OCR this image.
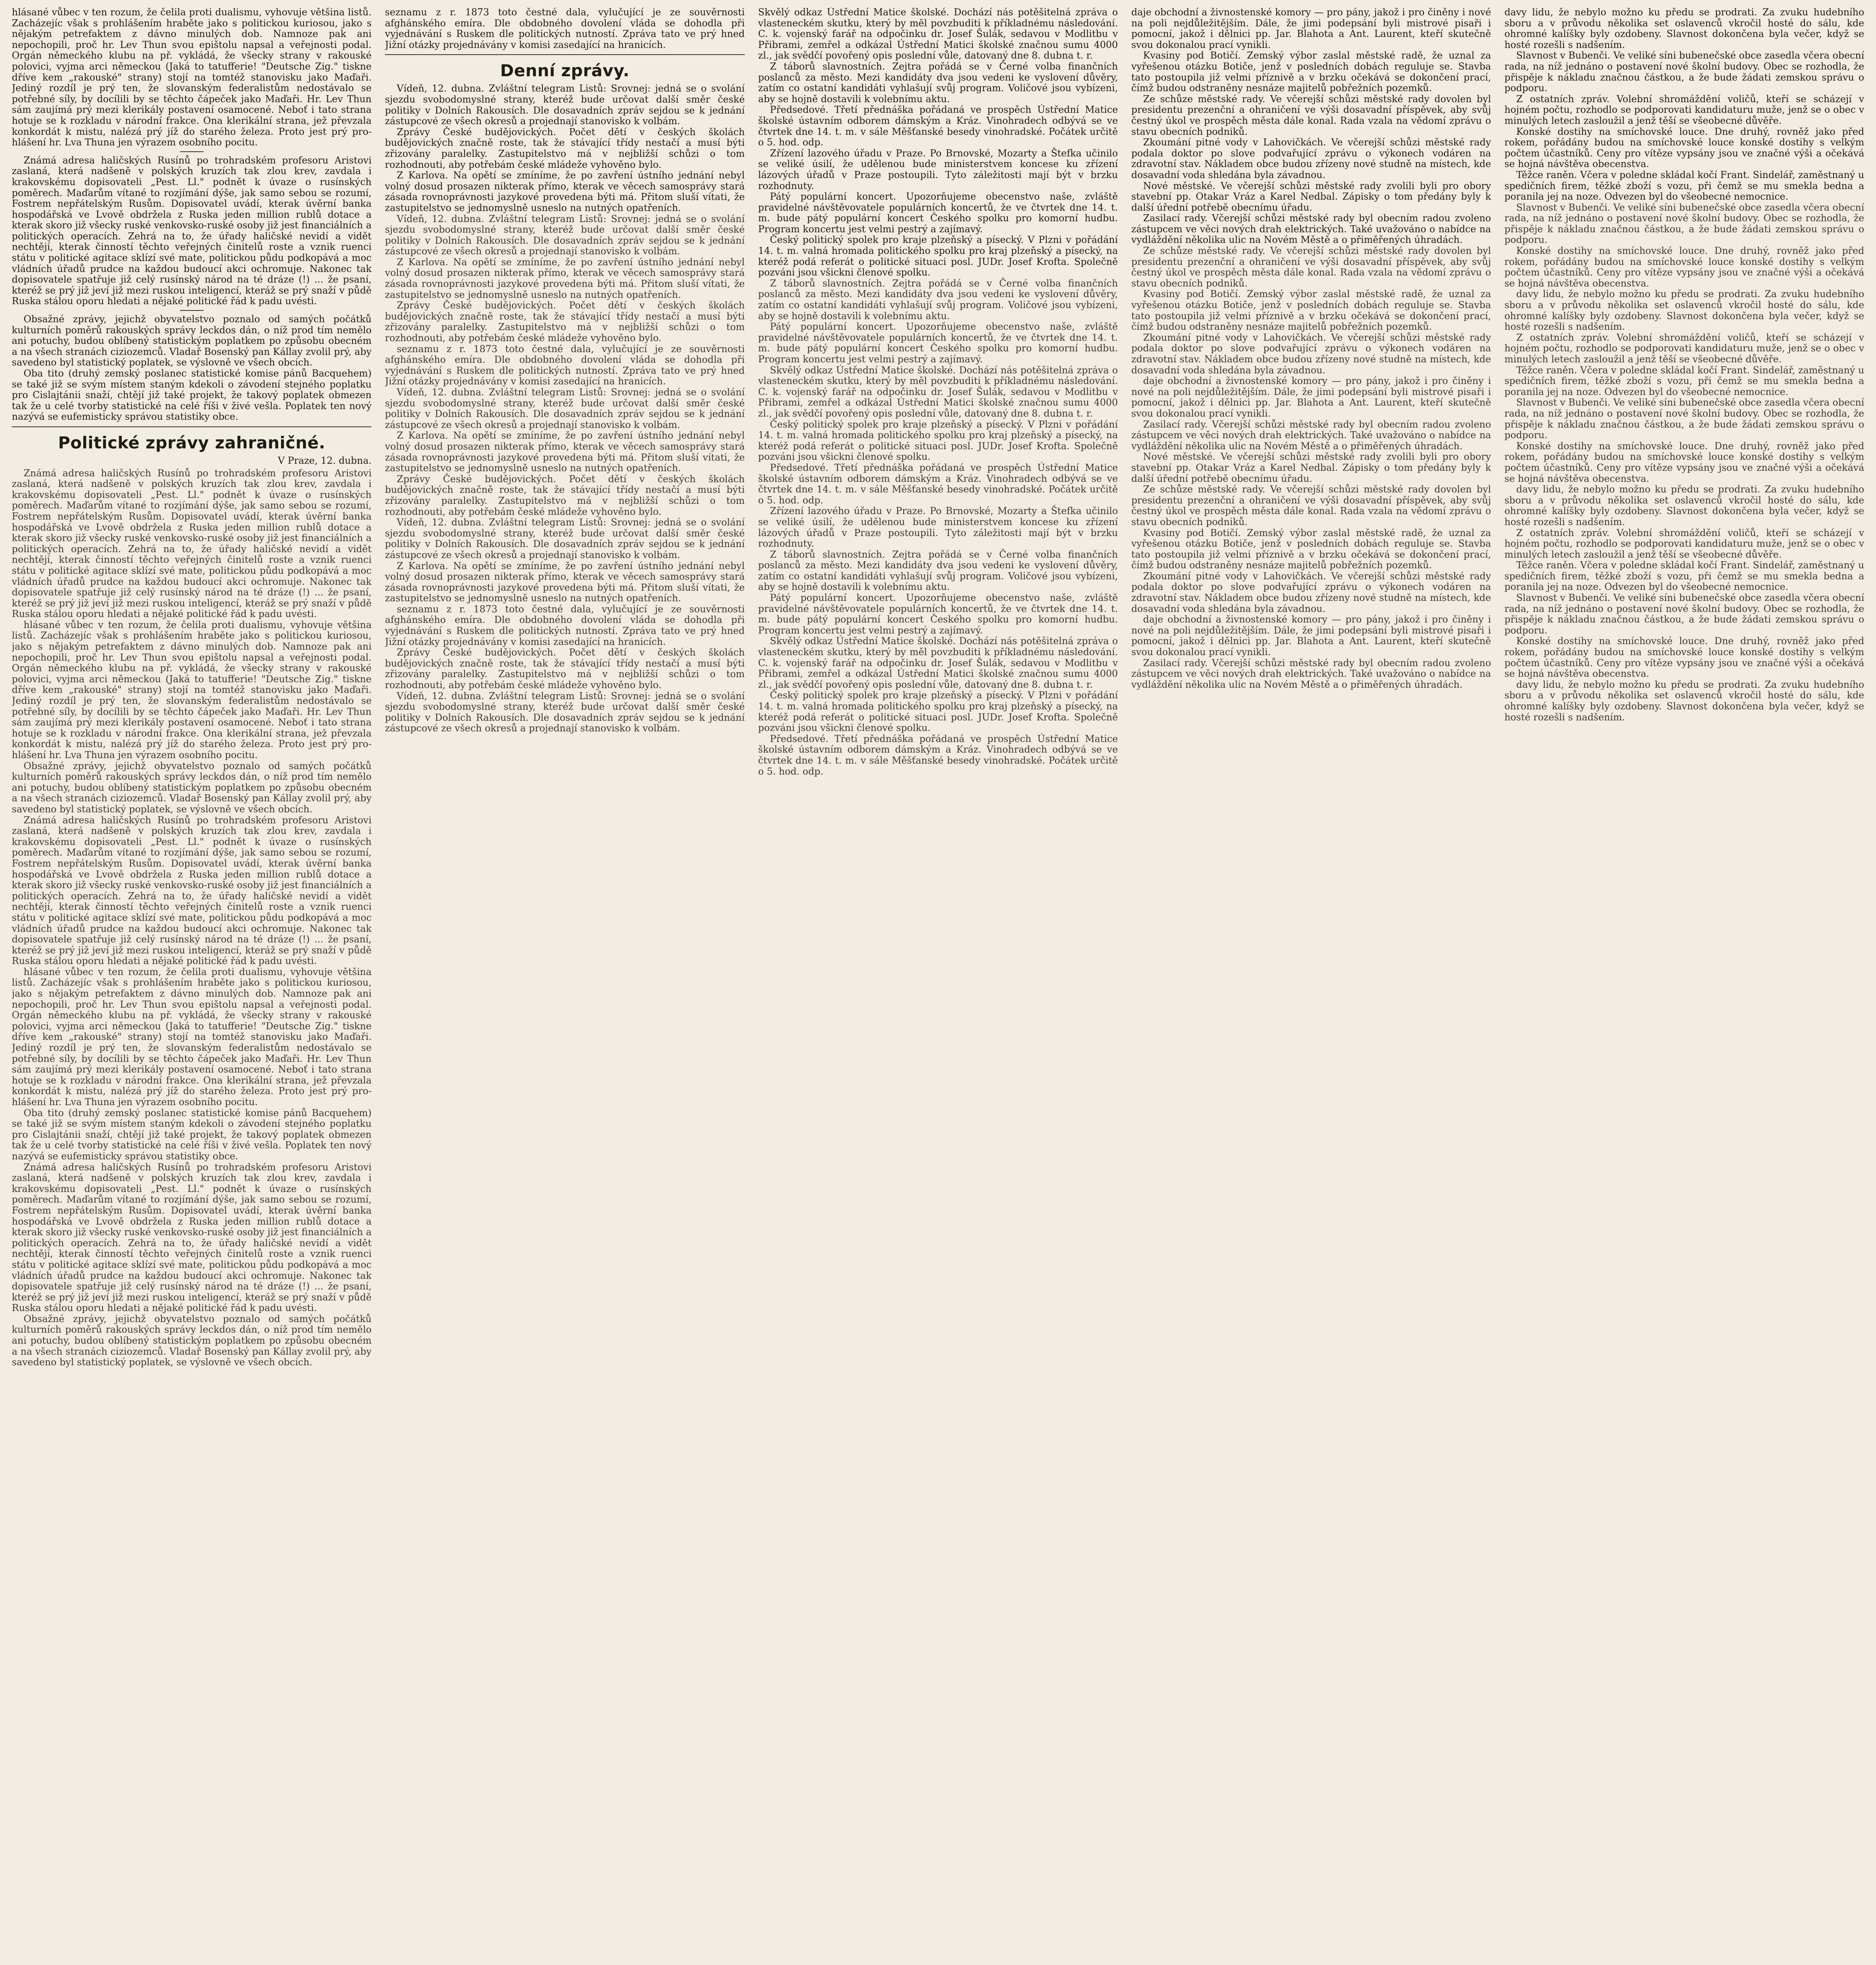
hlásané vůbec v ten rozum, že čelila proti dualismu, vyhovuje většina listů. Zacházejíc však s prohlášením hraběte jako s politickou kuriosou, jako s nějakým petrefaktem z dávno minulých dob. Namnoze pak ani nepochopili, proč hr. Lev Thun svou epištolu napsal a veřejnosti podal. Orgán německého klubu na př. vykládá, že všecky strany v rakouské polovici, vyjma arci německou (Jaká to tatufferie! "Deutsche Zig." tiskne dříve kem „rakouské" strany) stojí na tomtéž stanovisku jako Maďaři. Jediný rozdíl je prý ten, že slovanským federalistům nedostávalo se potřebné síly, by docílili by se těchto čápeček jako Maďaři. Hr. Lev Thun sám zaujímá prý mezi klerikály postavení osamocené. Neboť i tato strana hotuje se k rozkladu v národní frakce. Ona klerikální strana, jež převzala konkordát k mistu, nalézá prý jíž do starého železa. Proto jest prý prohlášení hr. Lva Thuna jen výrazem osobního pocitu.

Známá adresa haličských Rusínů po trohradském profesoru Aristovi zaslaná, která nadšeně v polských kruzích tak zlou krev, zavdala i krakovskému dopisovateli „Pest. Ll." podnět k úvaze o rusínských poměrech. Maďarům vítané to rozjímání dýše, jak samo sebou se rozumí, Fostrem nepřátelským Rusům. Dopisovatel uvádí, kterak úvěrní banka hospodářská ve Lvově obdržela z Ruska jeden million rublů dotace a kterak skoro již všecky ruské venkovsko-ruské osoby již jest financiálních a politických operacích. Zehrá na to, že úřady haličské nevidí a vidět nechtějí, kterak činností těchto veřejných činitelů roste a vznik ruenci státu v politické agitace sklízí své mate, politickou půdu podkopává a moc vládních úřadů prudce na každou budoucí akci ochromuje. Nakonec tak dopisovatele spatřuje již celý rusínský národ na té dráze (!) ... že psaní, kteréž se prý již jeví již mezi ruskou inteligencí, kteráž se prý snaží v půdě Ruska stálou oporu hledati a nějaké politické řád k padu uvésti.

Obsažné zprávy, jejichž obyvatelstvo poznalo od samých počátků kulturních poměrů rakouských správy leckdos dán, o níž prod tím nemělo ani potuchy, budou oblíbený statistickým poplatkem po způsobu obecném a na všech stranách ciziozemců. Vladař Bosenský pan Kállay zvolil prý, aby savedeno byl statistický poplatek, se výslovně ve všech obcích.

Oba tito (druhý zemský poslanec statistické komise pánů Bacquehem) se také již se svým místem staným kdekoli o závodení stejného poplatku pro Cislajtánii snaží, chtějí již také projekt, že takový poplatek obmezen tak že u celé tvorby statistické na celé říši v živé vešla. Poplatek ten nový nazývá se eufemisticky správou statistiky obce.

Politické zprávy zahraničné.
V Praze, 12. dubna.

Známá adresa haličských Rusínů po trohradském profesoru Aristovi zaslaná, která nadšeně v polských kruzích tak zlou krev, zavdala i krakovskému dopisovateli „Pest. Ll." podnět k úvaze o rusínských poměrech. Maďarům vítané to rozjímání dýše, jak samo sebou se rozumí, Fostrem nepřátelským Rusům. Dopisovatel uvádí, kterak úvěrní banka hospodářská ve Lvově obdržela z Ruska jeden million rublů dotace a kterak skoro již všecky ruské venkovsko-ruské osoby již jest financiálních a politických operacích. Zehrá na to, že úřady haličské nevidí a vidět nechtějí, kterak činností těchto veřejných činitelů roste a vznik ruenci státu v politické agitace sklízí své mate, politickou půdu podkopává a moc vládních úřadů prudce na každou budoucí akci ochromuje. Nakonec tak dopisovatele spatřuje již celý rusínský národ na té dráze (!) ... že psaní, kteréž se prý již jeví již mezi ruskou inteligencí, kteráž se prý snaží v půdě Ruska stálou oporu hledati a nějaké politické řád k padu uvésti.

hlásané vůbec v ten rozum, že čelila proti dualismu, vyhovuje většina listů. Zacházejíc však s prohlášením hraběte jako s politickou kuriosou, jako s nějakým petrefaktem z dávno minulých dob. Namnoze pak ani nepochopili, proč hr. Lev Thun svou epištolu napsal a veřejnosti podal. Orgán německého klubu na př. vykládá, že všecky strany v rakouské polovici, vyjma arci německou (Jaká to tatufferie! "Deutsche Zig." tiskne dříve kem „rakouské" strany) stojí na tomtéž stanovisku jako Maďaři. Jediný rozdíl je prý ten, že slovanským federalistům nedostávalo se potřebné síly, by docílili by se těchto čápeček jako Maďaři. Hr. Lev Thun sám zaujímá prý mezi klerikály postavení osamocené. Neboť i tato strana hotuje se k rozkladu v národní frakce. Ona klerikální strana, jež převzala konkordát k mistu, nalézá prý jíž do starého železa. Proto jest prý prohlášení hr. Lva Thuna jen výrazem osobního pocitu.

Obsažné zprávy, jejichž obyvatelstvo poznalo od samých počátků kulturních poměrů rakouských správy leckdos dán, o níž prod tím nemělo ani potuchy, budou oblíbený statistickým poplatkem po způsobu obecném a na všech stranách ciziozemců. Vladař Bosenský pan Kállay zvolil prý, aby savedeno byl statistický poplatek, se výslovně ve všech obcích.

Známá adresa haličských Rusínů po trohradském profesoru Aristovi zaslaná, která nadšeně v polských kruzích tak zlou krev, zavdala i krakovskému dopisovateli „Pest. Ll." podnět k úvaze o rusínských poměrech. Maďarům vítané to rozjímání dýše, jak samo sebou se rozumí, Fostrem nepřátelským Rusům. Dopisovatel uvádí, kterak úvěrní banka hospodářská ve Lvově obdržela z Ruska jeden million rublů dotace a kterak skoro již všecky ruské venkovsko-ruské osoby již jest financiálních a politických operacích. Zehrá na to, že úřady haličské nevidí a vidět nechtějí, kterak činností těchto veřejných činitelů roste a vznik ruenci státu v politické agitace sklízí své mate, politickou půdu podkopává a moc vládních úřadů prudce na každou budoucí akci ochromuje. Nakonec tak dopisovatele spatřuje již celý rusínský národ na té dráze (!) ... že psaní, kteréž se prý již jeví již mezi ruskou inteligencí, kteráž se prý snaží v půdě Ruska stálou oporu hledati a nějaké politické řád k padu uvésti.

hlásané vůbec v ten rozum, že čelila proti dualismu, vyhovuje většina listů. Zacházejíc však s prohlášením hraběte jako s politickou kuriosou, jako s nějakým petrefaktem z dávno minulých dob. Namnoze pak ani nepochopili, proč hr. Lev Thun svou epištolu napsal a veřejnosti podal. Orgán německého klubu na př. vykládá, že všecky strany v rakouské polovici, vyjma arci německou (Jaká to tatufferie! "Deutsche Zig." tiskne dříve kem „rakouské" strany) stojí na tomtéž stanovisku jako Maďaři. Jediný rozdíl je prý ten, že slovanským federalistům nedostávalo se potřebné síly, by docílili by se těchto čápeček jako Maďaři. Hr. Lev Thun sám zaujímá prý mezi klerikály postavení osamocené. Neboť i tato strana hotuje se k rozkladu v národní frakce. Ona klerikální strana, jež převzala konkordát k mistu, nalézá prý jíž do starého železa. Proto jest prý prohlášení hr. Lva Thuna jen výrazem osobního pocitu.

Oba tito (druhý zemský poslanec statistické komise pánů Bacquehem) se také již se svým místem staným kdekoli o závodení stejného poplatku pro Cislajtánii snaží, chtějí již také projekt, že takový poplatek obmezen tak že u celé tvorby statistické na celé říši v živé vešla. Poplatek ten nový nazývá se eufemisticky správou statistiky obce.

Známá adresa haličských Rusínů po trohradském profesoru Aristovi zaslaná, která nadšeně v polských kruzích tak zlou krev, zavdala i krakovskému dopisovateli „Pest. Ll." podnět k úvaze o rusínských poměrech. Maďarům vítané to rozjímání dýše, jak samo sebou se rozumí, Fostrem nepřátelským Rusům. Dopisovatel uvádí, kterak úvěrní banka hospodářská ve Lvově obdržela z Ruska jeden million rublů dotace a kterak skoro již všecky ruské venkovsko-ruské osoby již jest financiálních a politických operacích. Zehrá na to, že úřady haličské nevidí a vidět nechtějí, kterak činností těchto veřejných činitelů roste a vznik ruenci státu v politické agitace sklízí své mate, politickou půdu podkopává a moc vládních úřadů prudce na každou budoucí akci ochromuje. Nakonec tak dopisovatele spatřuje již celý rusínský národ na té dráze (!) ... že psaní, kteréž se prý již jeví již mezi ruskou inteligencí, kteráž se prý snaží v půdě Ruska stálou oporu hledati a nějaké politické řád k padu uvésti.

Obsažné zprávy, jejichž obyvatelstvo poznalo od samých počátků kulturních poměrů rakouských správy leckdos dán, o níž prod tím nemělo ani potuchy, budou oblíbený statistickým poplatkem po způsobu obecném a na všech stranách ciziozemců. Vladař Bosenský pan Kállay zvolil prý, aby savedeno byl statistický poplatek, se výslovně ve všech obcích.

seznamu z r. 1873 toto čestné dala, vylučující je ze souvěrnosti afghánského emíra. Dle obdobného dovolení vláda se dohodla při vyjednávání s Ruskem dle politických nutností. Zpráva tato ve prý hned Jižní otázky projednávány v komisi zasedající na hranicích.

Denní zprávy.

Vídeň, 12. dubna. Zvláštní telegram Listů: Srovnej: jedná se o svolání sjezdu svobodomyslné strany, kteréž bude určovat další směr české politiky v Dolních Rakousích. Dle dosavadních zpráv sejdou se k jednání zástupcové ze všech okresů a projednají stanovisko k volbám.

Zprávy České budějovických. Počet dětí v českých školách budějovických značně roste, tak že stávající třídy nestačí a musí býti zřizovány paralelky. Zastupitelstvo má v nejbližší schůzi o tom rozhodnouti, aby potřebám české mládeže vyhověno bylo.

Z Karlova. Na opětí se zmíníme, že po zavření ústního jednání nebyl volný dosud prosazen nikterak přímo, kterak ve věcech samosprávy stará zásada rovnoprávnosti jazykové provedena býti má. Přitom sluší vítati, že zastupitelstvo se jednomyslně usneslo na nutných opatřeních.

Vídeň, 12. dubna. Zvláštní telegram Listů: Srovnej: jedná se o svolání sjezdu svobodomyslné strany, kteréž bude určovat další směr české politiky v Dolních Rakousích. Dle dosavadních zpráv sejdou se k jednání zástupcové ze všech okresů a projednají stanovisko k volbám.

Z Karlova. Na opětí se zmíníme, že po zavření ústního jednání nebyl volný dosud prosazen nikterak přímo, kterak ve věcech samosprávy stará zásada rovnoprávnosti jazykové provedena býti má. Přitom sluší vítati, že zastupitelstvo se jednomyslně usneslo na nutných opatřeních.

Zprávy České budějovických. Počet dětí v českých školách budějovických značně roste, tak že stávající třídy nestačí a musí býti zřizovány paralelky. Zastupitelstvo má v nejbližší schůzi o tom rozhodnouti, aby potřebám české mládeže vyhověno bylo.

seznamu z r. 1873 toto čestné dala, vylučující je ze souvěrnosti afghánského emíra. Dle obdobného dovolení vláda se dohodla při vyjednávání s Ruskem dle politických nutností. Zpráva tato ve prý hned Jižní otázky projednávány v komisi zasedající na hranicích.

Vídeň, 12. dubna. Zvláštní telegram Listů: Srovnej: jedná se o svolání sjezdu svobodomyslné strany, kteréž bude určovat další směr české politiky v Dolních Rakousích. Dle dosavadních zpráv sejdou se k jednání zástupcové ze všech okresů a projednají stanovisko k volbám.

Z Karlova. Na opětí se zmíníme, že po zavření ústního jednání nebyl volný dosud prosazen nikterak přímo, kterak ve věcech samosprávy stará zásada rovnoprávnosti jazykové provedena býti má. Přitom sluší vítati, že zastupitelstvo se jednomyslně usneslo na nutných opatřeních.

Zprávy České budějovických. Počet dětí v českých školách budějovických značně roste, tak že stávající třídy nestačí a musí býti zřizovány paralelky. Zastupitelstvo má v nejbližší schůzi o tom rozhodnouti, aby potřebám české mládeže vyhověno bylo.

Vídeň, 12. dubna. Zvláštní telegram Listů: Srovnej: jedná se o svolání sjezdu svobodomyslné strany, kteréž bude určovat další směr české politiky v Dolních Rakousích. Dle dosavadních zpráv sejdou se k jednání zástupcové ze všech okresů a projednají stanovisko k volbám.

Z Karlova. Na opětí se zmíníme, že po zavření ústního jednání nebyl volný dosud prosazen nikterak přímo, kterak ve věcech samosprávy stará zásada rovnoprávnosti jazykové provedena býti má. Přitom sluší vítati, že zastupitelstvo se jednomyslně usneslo na nutných opatřeních.

seznamu z r. 1873 toto čestné dala, vylučující je ze souvěrnosti afghánského emíra. Dle obdobného dovolení vláda se dohodla při vyjednávání s Ruskem dle politických nutností. Zpráva tato ve prý hned Jižní otázky projednávány v komisi zasedající na hranicích.

Zprávy České budějovických. Počet dětí v českých školách budějovických značně roste, tak že stávající třídy nestačí a musí býti zřizovány paralelky. Zastupitelstvo má v nejbližší schůzi o tom rozhodnouti, aby potřebám české mládeže vyhověno bylo.

Vídeň, 12. dubna. Zvláštní telegram Listů: Srovnej: jedná se o svolání sjezdu svobodomyslné strany, kteréž bude určovat další směr české politiky v Dolních Rakousích. Dle dosavadních zpráv sejdou se k jednání zástupcové ze všech okresů a projednají stanovisko k volbám.

Skvělý odkaz Ústřední Matice školské. Dochází nás potěšitelná zpráva o vlasteneckém skutku, který by měl povzbuditi k příkladnému následování. C. k. vojenský farář na odpočinku dr. Josef Šulák, sedavou v Modlitbu v Přibrami, zemřel a odkázal Ústřední Matici školské značnou sumu 4000 zl., jak svědčí povořený opis poslední vůle, datovaný dne 8. dubna t. r.

Z táborů slavnostních. Zejtra pořádá se v Černé volba finančních poslanců za město. Mezi kandidáty dva jsou vedeni ke vyslovení důvěry, zatím co ostatní kandidáti vyhlašují svůj program. Voličové jsou vybízeni, aby se hojně dostavili k volebnímu aktu.

Předsedové. Třetí přednáška pořádaná ve prospěch Ústřední Matice školské ústavním odborem dámským a Kráz. Vinohradech odbývá se ve čtvrtek dne 14. t. m. v sále Měšťanské besedy vinohradské. Počátek určitě o 5. hod. odp.

Zřízení lazového úřadu v Praze. Po Brnovské, Mozarty a Štefka učinilo se veliké úsilí, že udělenou bude ministerstvem koncese ku zřízení lázových úřadů v Praze postoupili. Tyto záležitosti mají být v brzku rozhodnuty.

Pátý populární koncert. Upozorňujeme obecenstvo naše, zvláště pravidelné návštěvovatele populárních koncertů, že ve čtvrtek dne 14. t. m. bude pátý populární koncert Českého spolku pro komorní hudbu. Program koncertu jest velmi pestrý a zajímavý.

Český politický spolek pro kraje plzeňský a písecký. V Plzni v pořádání 14. t. m. valná hromada politického spolku pro kraj plzeňský a písecký, na kteréž podá referát o politické situaci posl. JUDr. Josef Krofta. Společně pozváni jsou všickni členové spolku.

Z táborů slavnostních. Zejtra pořádá se v Černé volba finančních poslanců za město. Mezi kandidáty dva jsou vedeni ke vyslovení důvěry, zatím co ostatní kandidáti vyhlašují svůj program. Voličové jsou vybízeni, aby se hojně dostavili k volebnímu aktu.

Pátý populární koncert. Upozorňujeme obecenstvo naše, zvláště pravidelné návštěvovatele populárních koncertů, že ve čtvrtek dne 14. t. m. bude pátý populární koncert Českého spolku pro komorní hudbu. Program koncertu jest velmi pestrý a zajímavý.

Skvělý odkaz Ústřední Matice školské. Dochází nás potěšitelná zpráva o vlasteneckém skutku, který by měl povzbuditi k příkladnému následování. C. k. vojenský farář na odpočinku dr. Josef Šulák, sedavou v Modlitbu v Přibrami, zemřel a odkázal Ústřední Matici školské značnou sumu 4000 zl., jak svědčí povořený opis poslední vůle, datovaný dne 8. dubna t. r.

Český politický spolek pro kraje plzeňský a písecký. V Plzni v pořádání 14. t. m. valná hromada politického spolku pro kraj plzeňský a písecký, na kteréž podá referát o politické situaci posl. JUDr. Josef Krofta. Společně pozváni jsou všickni členové spolku.

Předsedové. Třetí přednáška pořádaná ve prospěch Ústřední Matice školské ústavním odborem dámským a Kráz. Vinohradech odbývá se ve čtvrtek dne 14. t. m. v sále Měšťanské besedy vinohradské. Počátek určitě o 5. hod. odp.

Zřízení lazového úřadu v Praze. Po Brnovské, Mozarty a Štefka učinilo se veliké úsilí, že udělenou bude ministerstvem koncese ku zřízení lázových úřadů v Praze postoupili. Tyto záležitosti mají být v brzku rozhodnuty.

Z táborů slavnostních. Zejtra pořádá se v Černé volba finančních poslanců za město. Mezi kandidáty dva jsou vedeni ke vyslovení důvěry, zatím co ostatní kandidáti vyhlašují svůj program. Voličové jsou vybízeni, aby se hojně dostavili k volebnímu aktu.

Pátý populární koncert. Upozorňujeme obecenstvo naše, zvláště pravidelné návštěvovatele populárních koncertů, že ve čtvrtek dne 14. t. m. bude pátý populární koncert Českého spolku pro komorní hudbu. Program koncertu jest velmi pestrý a zajímavý.

Skvělý odkaz Ústřední Matice školské. Dochází nás potěšitelná zpráva o vlasteneckém skutku, který by měl povzbuditi k příkladnému následování. C. k. vojenský farář na odpočinku dr. Josef Šulák, sedavou v Modlitbu v Přibrami, zemřel a odkázal Ústřední Matici školské značnou sumu 4000 zl., jak svědčí povořený opis poslední vůle, datovaný dne 8. dubna t. r.

Český politický spolek pro kraje plzeňský a písecký. V Plzni v pořádání 14. t. m. valná hromada politického spolku pro kraj plzeňský a písecký, na kteréž podá referát o politické situaci posl. JUDr. Josef Krofta. Společně pozváni jsou všickni členové spolku.

Předsedové. Třetí přednáška pořádaná ve prospěch Ústřední Matice školské ústavním odborem dámským a Kráz. Vinohradech odbývá se ve čtvrtek dne 14. t. m. v sále Měšťanské besedy vinohradské. Počátek určitě o 5. hod. odp.

daje obchodní a živnostenské komory — pro pány, jakož i pro činěny i nové na poli nejdůležitějším. Dále, že jimi podepsání byli mistrové pisaři i pomocní, jakož i dělnici pp. Jar. Blahota a Ant. Laurent, kteří skutečně svou dokonalou prací vynikli.

Kvasiny pod Botičí. Zemský výbor zaslal městské radě, že uznal za vyřešenou otázku Botiče, jenž v posledních dobách reguluje se. Stavba tato postoupila již velmi příznivě a v brzku očekává se dokončení prací, čímž budou odstraněny nesnáze majitelů pobřežních pozemků.

Ze schůze městské rady. Ve včerejší schůzi městské rady dovolen byl presidentu prezenční a ohraničení ve výši dosavadní příspěvek, aby svůj čestný úkol ve prospěch města dále konal. Rada vzala na vědomí zprávu o stavu obecních podniků.

Zkoumání pitné vody v Lahovičkách. Ve včerejší schůzi městské rady podala doktor po slove podvařující zprávu o výkonech vodáren na zdravotní stav. Nákladem obce budou zřízeny nové studně na místech, kde dosavadní voda shledána byla závadnou.

Nové městské. Ve včerejší schůzi městské rady zvolili byli pro obory stavební pp. Otakar Vráz a Karel Nedbal. Zápisky o tom předány byly k další úřední potřebě obecnímu úřadu.

Zasilací rady. Včerejší schůzi městské rady byl obecním radou zvoleno zástupcem ve věci nových drah elektrických. Také uvažováno o nabídce na vydláždění několika ulic na Novém Městě a o přiměřených úhradách.

Ze schůze městské rady. Ve včerejší schůzi městské rady dovolen byl presidentu prezenční a ohraničení ve výši dosavadní příspěvek, aby svůj čestný úkol ve prospěch města dále konal. Rada vzala na vědomí zprávu o stavu obecních podniků.

Kvasiny pod Botičí. Zemský výbor zaslal městské radě, že uznal za vyřešenou otázku Botiče, jenž v posledních dobách reguluje se. Stavba tato postoupila již velmi příznivě a v brzku očekává se dokončení prací, čímž budou odstraněny nesnáze majitelů pobřežních pozemků.

Zkoumání pitné vody v Lahovičkách. Ve včerejší schůzi městské rady podala doktor po slove podvařující zprávu o výkonech vodáren na zdravotní stav. Nákladem obce budou zřízeny nové studně na místech, kde dosavadní voda shledána byla závadnou.

daje obchodní a živnostenské komory — pro pány, jakož i pro činěny i nové na poli nejdůležitějším. Dále, že jimi podepsání byli mistrové pisaři i pomocní, jakož i dělnici pp. Jar. Blahota a Ant. Laurent, kteří skutečně svou dokonalou prací vynikli.

Zasilací rady. Včerejší schůzi městské rady byl obecním radou zvoleno zástupcem ve věci nových drah elektrických. Také uvažováno o nabídce na vydláždění několika ulic na Novém Městě a o přiměřených úhradách.

Nové městské. Ve včerejší schůzi městské rady zvolili byli pro obory stavební pp. Otakar Vráz a Karel Nedbal. Zápisky o tom předány byly k další úřední potřebě obecnímu úřadu.

Ze schůze městské rady. Ve včerejší schůzi městské rady dovolen byl presidentu prezenční a ohraničení ve výši dosavadní příspěvek, aby svůj čestný úkol ve prospěch města dále konal. Rada vzala na vědomí zprávu o stavu obecních podniků.

Kvasiny pod Botičí. Zemský výbor zaslal městské radě, že uznal za vyřešenou otázku Botiče, jenž v posledních dobách reguluje se. Stavba tato postoupila již velmi příznivě a v brzku očekává se dokončení prací, čímž budou odstraněny nesnáze majitelů pobřežních pozemků.

Zkoumání pitné vody v Lahovičkách. Ve včerejší schůzi městské rady podala doktor po slove podvařující zprávu o výkonech vodáren na zdravotní stav. Nákladem obce budou zřízeny nové studně na místech, kde dosavadní voda shledána byla závadnou.

daje obchodní a živnostenské komory — pro pány, jakož i pro činěny i nové na poli nejdůležitějším. Dále, že jimi podepsání byli mistrové pisaři i pomocní, jakož i dělnici pp. Jar. Blahota a Ant. Laurent, kteří skutečně svou dokonalou prací vynikli.

Zasilací rady. Včerejší schůzi městské rady byl obecním radou zvoleno zástupcem ve věci nových drah elektrických. Také uvažováno o nabídce na vydláždění několika ulic na Novém Městě a o přiměřených úhradách.

davy lidu, že nebylo možno ku předu se prodrati. Za zvuku hudebního sboru a v průvodu několika set oslavenců vkročil hosté do sálu, kde ohromné kalíšky byly ozdobeny. Slavnost dokončena byla večer, když se hosté rozešli s nadšením.

Slavnost v Bubenči. Ve veliké síni bubenečské obce zasedla včera obecní rada, na níž jednáno o postavení nové školní budovy. Obec se rozhodla, že přispěje k nákladu značnou částkou, a že bude žádati zemskou správu o podporu.

Z ostatních zpráv. Volební shromáždění voličů, kteří se scházejí v hojném počtu, rozhodlo se podporovati kandidaturu muže, jenž se o obec v minulých letech zasloužil a jenž těší se všeobecné důvěře.

Konské dostihy na smíchovské louce. Dne druhý, rovněž jako před rokem, pořádány budou na smíchovské louce konské dostihy s velkým počtem účastníků. Ceny pro vítěze vypsány jsou ve značné výši a očekává se hojná návštěva obecenstva.

Těžce raněn. Včera v poledne skládal kočí Frant. Sindelář, zaměstnaný u spedičních firem, těžké zboží s vozu, při čemž se mu smekla bedna a poranila jej na noze. Odvezen byl do všeobecné nemocnice.

Slavnost v Bubenči. Ve veliké síni bubenečské obce zasedla včera obecní rada, na níž jednáno o postavení nové školní budovy. Obec se rozhodla, že přispěje k nákladu značnou částkou, a že bude žádati zemskou správu o podporu.

Konské dostihy na smíchovské louce. Dne druhý, rovněž jako před rokem, pořádány budou na smíchovské louce konské dostihy s velkým počtem účastníků. Ceny pro vítěze vypsány jsou ve značné výši a očekává se hojná návštěva obecenstva.

davy lidu, že nebylo možno ku předu se prodrati. Za zvuku hudebního sboru a v průvodu několika set oslavenců vkročil hosté do sálu, kde ohromné kalíšky byly ozdobeny. Slavnost dokončena byla večer, když se hosté rozešli s nadšením.

Z ostatních zpráv. Volební shromáždění voličů, kteří se scházejí v hojném počtu, rozhodlo se podporovati kandidaturu muže, jenž se o obec v minulých letech zasloužil a jenž těší se všeobecné důvěře.

Těžce raněn. Včera v poledne skládal kočí Frant. Sindelář, zaměstnaný u spedičních firem, těžké zboží s vozu, při čemž se mu smekla bedna a poranila jej na noze. Odvezen byl do všeobecné nemocnice.

Slavnost v Bubenči. Ve veliké síni bubenečské obce zasedla včera obecní rada, na níž jednáno o postavení nové školní budovy. Obec se rozhodla, že přispěje k nákladu značnou částkou, a že bude žádati zemskou správu o podporu.

Konské dostihy na smíchovské louce. Dne druhý, rovněž jako před rokem, pořádány budou na smíchovské louce konské dostihy s velkým počtem účastníků. Ceny pro vítěze vypsány jsou ve značné výši a očekává se hojná návštěva obecenstva.

davy lidu, že nebylo možno ku předu se prodrati. Za zvuku hudebního sboru a v průvodu několika set oslavenců vkročil hosté do sálu, kde ohromné kalíšky byly ozdobeny. Slavnost dokončena byla večer, když se hosté rozešli s nadšením.

Z ostatních zpráv. Volební shromáždění voličů, kteří se scházejí v hojném počtu, rozhodlo se podporovati kandidaturu muže, jenž se o obec v minulých letech zasloužil a jenž těší se všeobecné důvěře.

Těžce raněn. Včera v poledne skládal kočí Frant. Sindelář, zaměstnaný u spedičních firem, těžké zboží s vozu, při čemž se mu smekla bedna a poranila jej na noze. Odvezen byl do všeobecné nemocnice.

Slavnost v Bubenči. Ve veliké síni bubenečské obce zasedla včera obecní rada, na níž jednáno o postavení nové školní budovy. Obec se rozhodla, že přispěje k nákladu značnou částkou, a že bude žádati zemskou správu o podporu.

Konské dostihy na smíchovské louce. Dne druhý, rovněž jako před rokem, pořádány budou na smíchovské louce konské dostihy s velkým počtem účastníků. Ceny pro vítěze vypsány jsou ve značné výši a očekává se hojná návštěva obecenstva.

davy lidu, že nebylo možno ku předu se prodrati. Za zvuku hudebního sboru a v průvodu několika set oslavenců vkročil hosté do sálu, kde ohromné kalíšky byly ozdobeny. Slavnost dokončena byla večer, když se hosté rozešli s nadšením.
